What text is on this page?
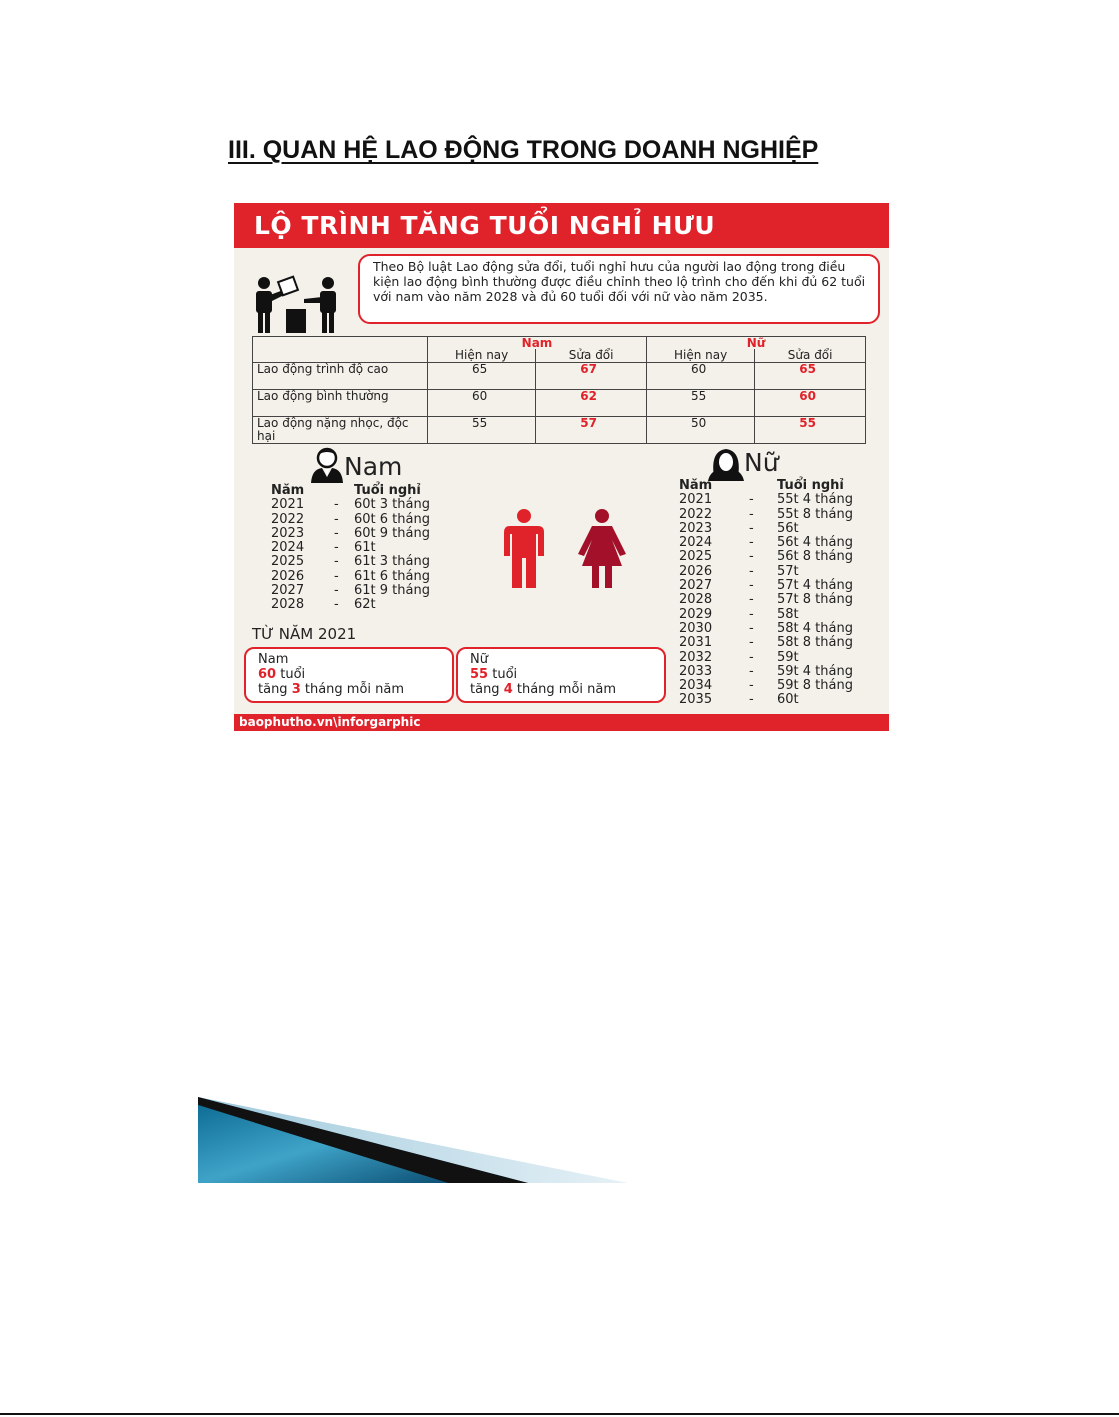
III. QUAN HỆ LAO ĐỘNG TRONG DOANH NGHIỆP
LỘ TRÌNH TĂNG TUỔI NGHỈ HƯU

Theo Bộ luật Lao động sửa đổi, tuổi nghỉ hưu của người lao động trong điều kiện lao động bình thường được điều chỉnh theo lộ trình cho đến khi đủ 62 tuổi với nam vào năm 2028 và đủ 60 tuổi đối với nữ vào năm 2035.

	Nam		Nữ	
	Hiện nay	Sửa đổi	Hiện nay	Sửa đổi
Lao động trình độ cao	65	67	60	65
Lao động bình thường	60	62	55	60
Lao động nặng nhọc, độc hại	55	57	50	55
Nam
Năm	Tuổi nghỉ
2021 - 60t 3 tháng
2022 - 60t 6 tháng
2023 - 60t 9 tháng
2024 - 61t
2025 - 61t 3 tháng
2026 - 61t 6 tháng
2027 - 61t 9 tháng
2028 - 62t
TỪ NĂM 2021
Nam
60 tuổi
tăng 3 tháng mỗi năm
Nữ
55 tuổi
tăng 4 tháng mỗi năm
Nữ
Năm	Tuổi nghỉ
2021	- 55t 4 tháng
2022	- 55t 8 tháng
2023	- 56t
2024	- 56t 4 tháng
2025	- 56t 8 tháng
2026	- 57t
2027	- 57t 4 tháng
2028	- 57t 8 tháng
2029	- 58t
2030	- 58t 4 tháng
2031	- 58t 8 tháng
2032	- 59t
2033	- 59t 4 tháng
2034	- 59t 8 tháng
2035	- 60t
baophutho.vn\inforgarphic
